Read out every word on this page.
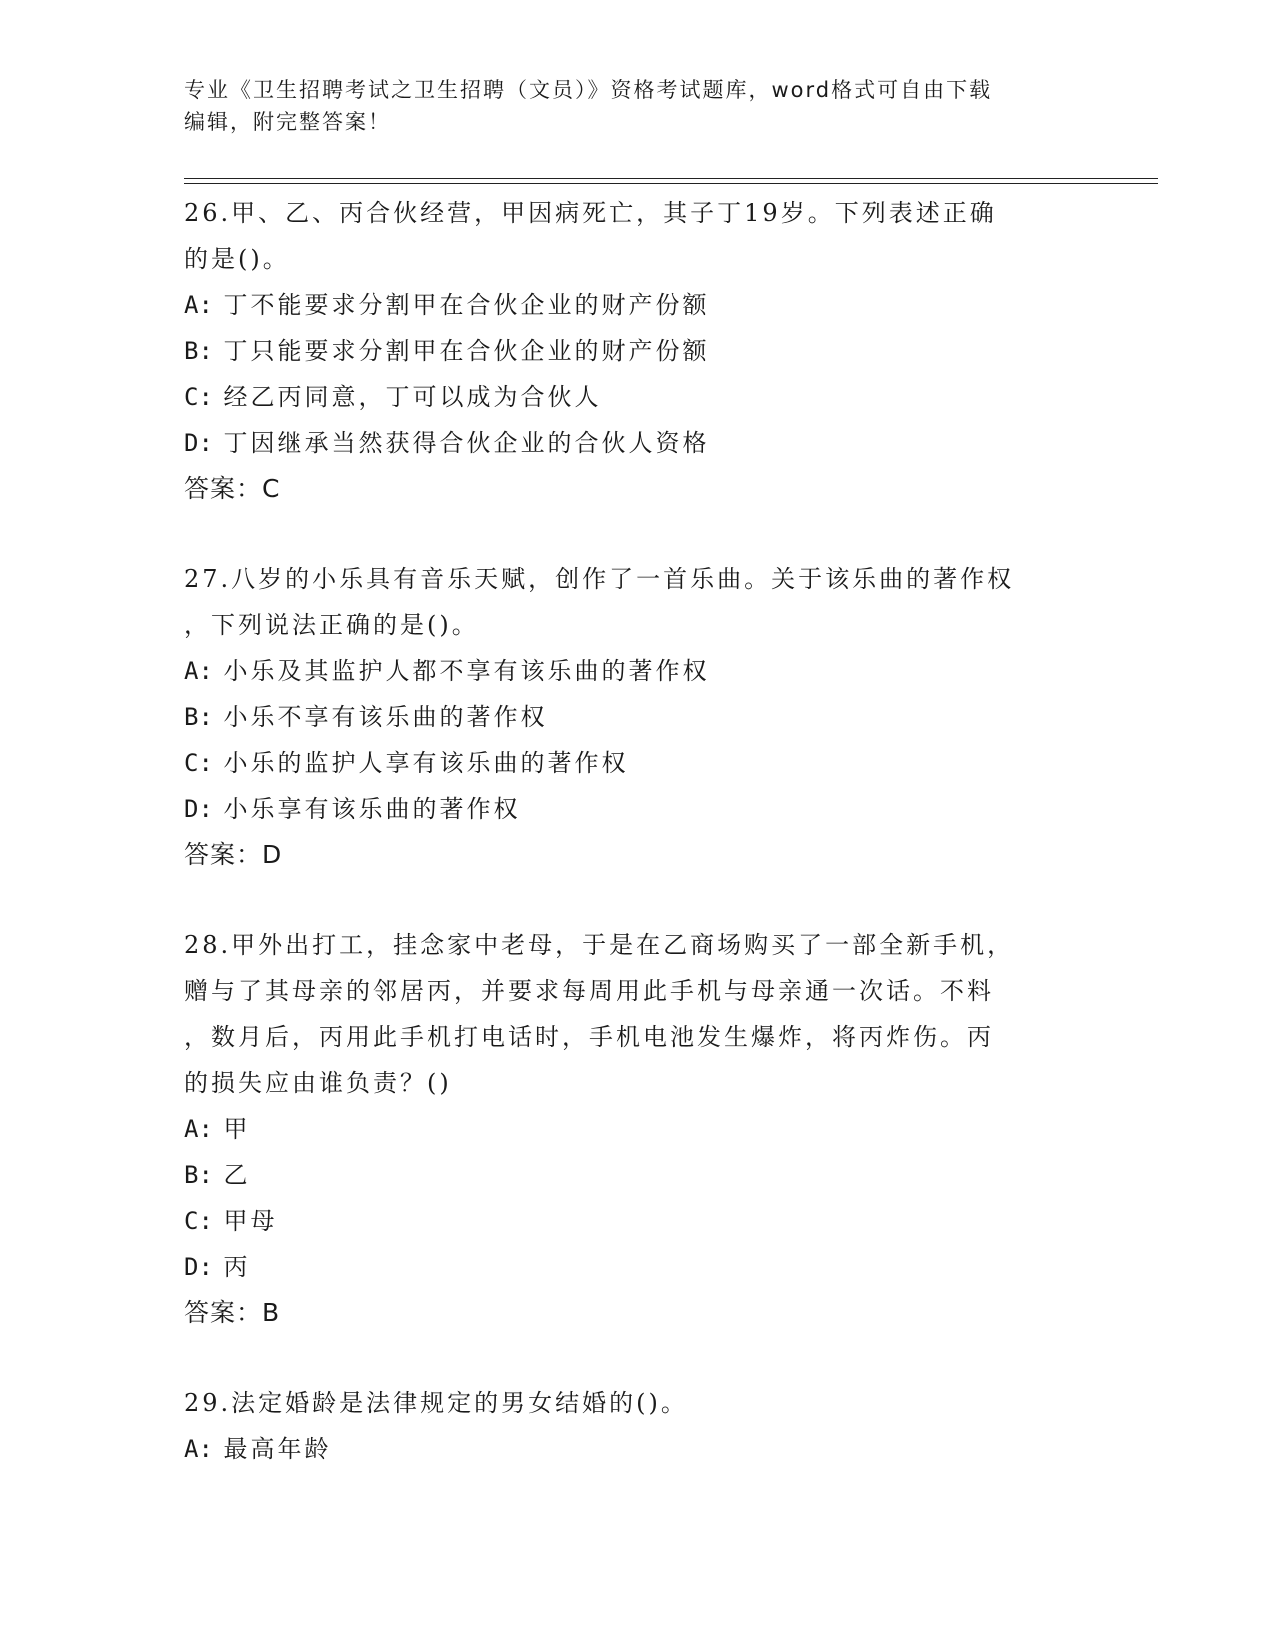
专业《卫生招聘考试之卫生招聘（文员）》资格考试题库，word格式可自由下载
编辑，附完整答案！
26.甲、乙、丙合伙经营，甲因病死亡，其子丁19岁。下列表述正确
的是()。
A: 丁不能要求分割甲在合伙企业的财产份额
B: 丁只能要求分割甲在合伙企业的财产份额
C: 经乙丙同意，丁可以成为合伙人
D: 丁因继承当然获得合伙企业的合伙人资格
答案：C
27.八岁的小乐具有音乐天赋，创作了一首乐曲。关于该乐曲的著作权
，下列说法正确的是()。
A: 小乐及其监护人都不享有该乐曲的著作权
B: 小乐不享有该乐曲的著作权
C: 小乐的监护人享有该乐曲的著作权
D: 小乐享有该乐曲的著作权
答案：D
28.甲外出打工，挂念家中老母，于是在乙商场购买了一部全新手机，
赠与了其母亲的邻居丙，并要求每周用此手机与母亲通一次话。不料
，数月后，丙用此手机打电话时，手机电池发生爆炸，将丙炸伤。丙
的损失应由谁负责？()
A: 甲
B: 乙
C: 甲母
D: 丙
答案：B
29.法定婚龄是法律规定的男女结婚的()。
A: 最高年龄
